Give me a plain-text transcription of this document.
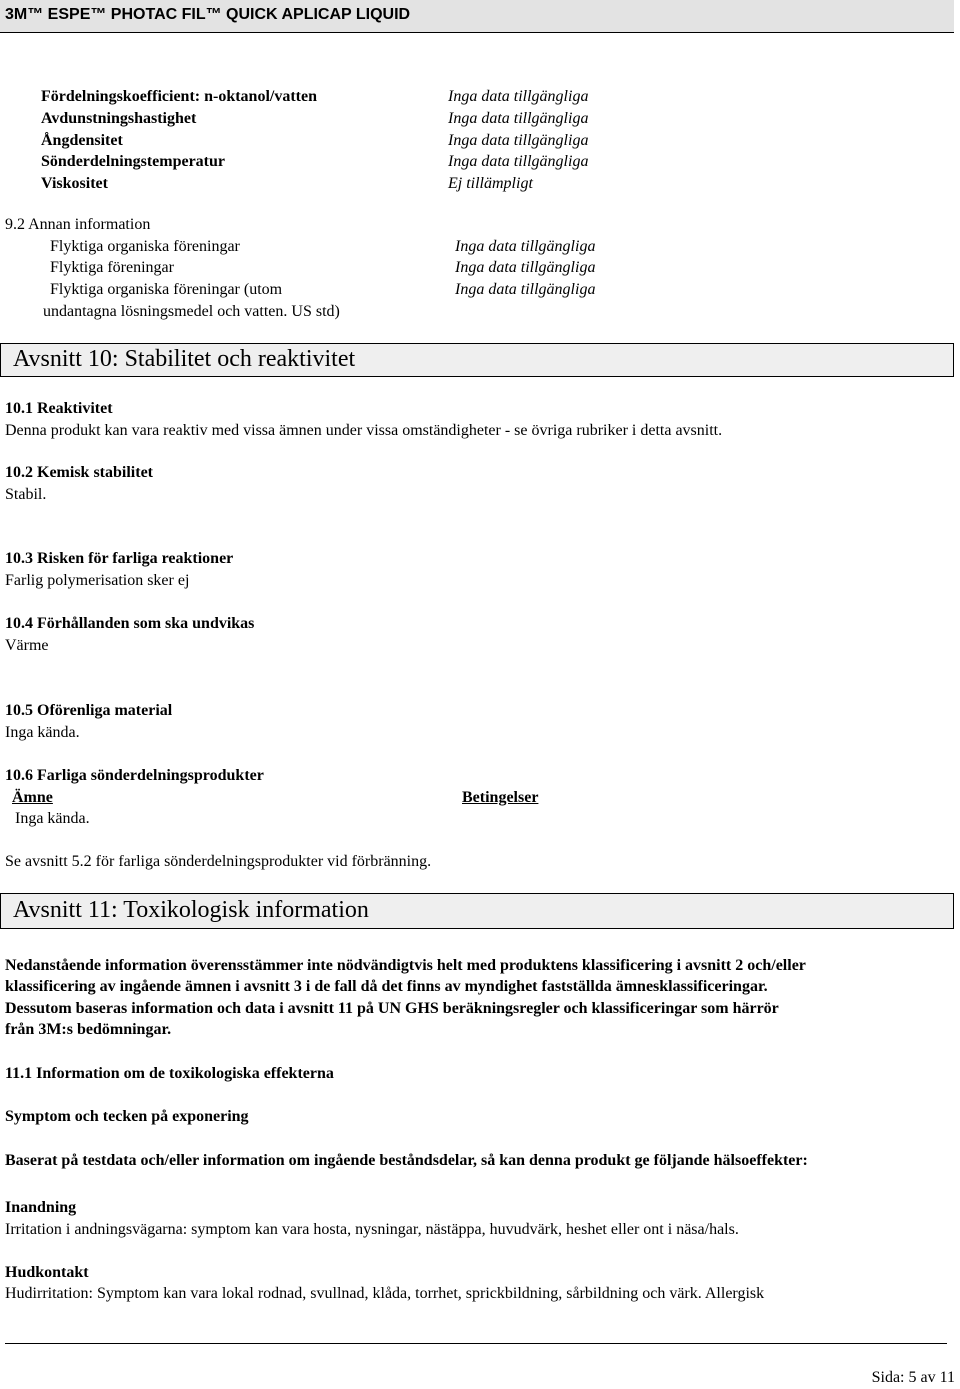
3M™ ESPE™ PHOTAC FIL™ QUICK APLICAP LIQUID
Fördelningskoefficient: n-oktanol/vatten	Inga data tillgängliga
Avdunstningshastighet	Inga data tillgängliga
Ångdensitet	Inga data tillgängliga
Sönderdelningstemperatur	Inga data tillgängliga
Viskositet	Ej tillämpligt
9.2 Annan information
Flyktiga organiska föreningar	Inga data tillgängliga
Flyktiga föreningar	Inga data tillgängliga
Flyktiga organiska föreningar (utom	Inga data tillgängliga
undantagna lösningsmedel och vatten. US std)
Avsnitt 10: Stabilitet och reaktivitet
10.1 Reaktivitet
Denna produkt kan vara reaktiv med vissa ämnen under vissa omständigheter - se övriga rubriker i detta avsnitt.
10.2 Kemisk stabilitet
Stabil.
10.3 Risken för farliga reaktioner
Farlig polymerisation sker ej
10.4 Förhållanden som ska undvikas
Värme
10.5 Oförenliga material
Inga kända.
10.6 Farliga sönderdelningsprodukter
Ämne	Betingelser
Inga kända.
Se avsnitt 5.2 för farliga sönderdelningsprodukter vid förbränning.
Avsnitt 11: Toxikologisk information
Nedanstående information överensstämmer inte nödvändigtvis helt med produktens klassificering i avsnitt 2 och/eller
klassificering av ingående ämnen i avsnitt 3 i de fall då det finns av myndighet fastställda ämnesklassificeringar.
Dessutom baseras information och data i avsnitt 11 på UN GHS beräkningsregler och klassificeringar som härrör
från 3M:s bedömningar.
11.1 Information om de toxikologiska effekterna
Symptom och tecken på exponering
Baserat på testdata och/eller information om ingående beståndsdelar, så kan denna produkt ge följande hälsoeffekter:
Inandning
Irritation i andningsvägarna: symptom kan vara hosta, nysningar, nästäppa, huvudvärk, heshet eller ont i näsa/hals.
Hudkontakt
Hudirritation: Symptom kan vara lokal rodnad, svullnad, klåda, torrhet, sprickbildning, sårbildning och värk. Allergisk
Sida: 5 av 11
